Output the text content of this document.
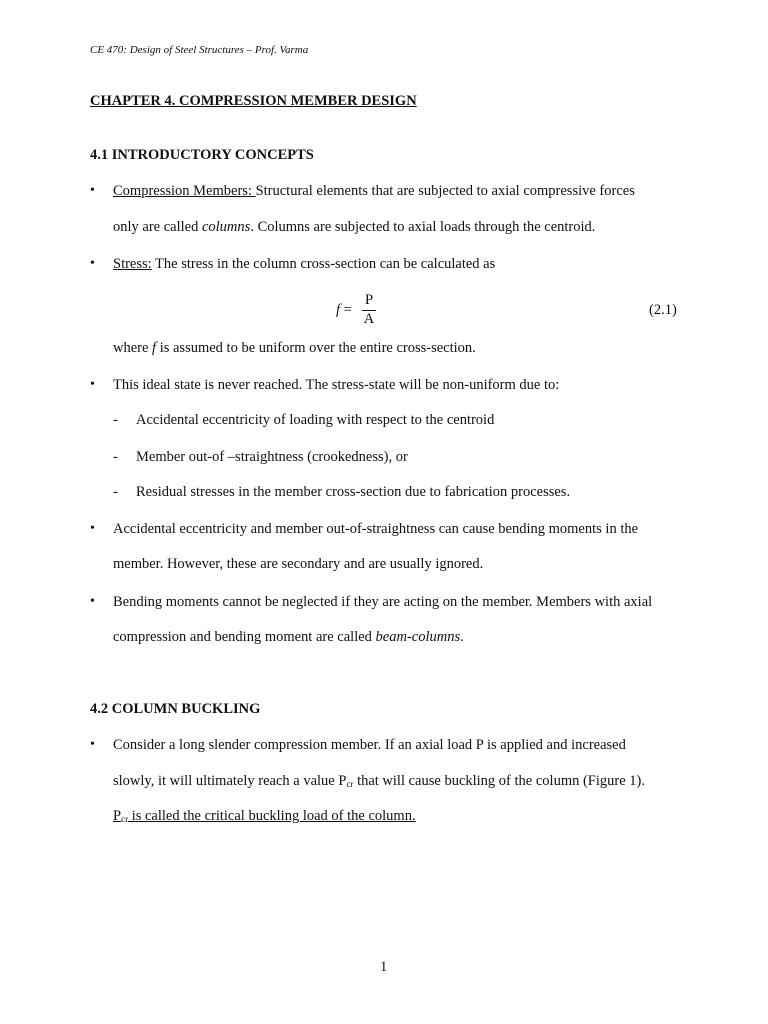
CE 470: Design of Steel Structures – Prof. Varma
CHAPTER 4. COMPRESSION MEMBER DESIGN
4.1 INTRODUCTORY CONCEPTS
• Compression Members: Structural elements that are subjected to axial compressive forces
only are called columns. Columns are subjected to axial loads through the centroid.
• Stress: The stress in the column cross-section can be calculated as
f =
P
A
(2.1)
where f is assumed to be uniform over the entire cross-section.
• This ideal state is never reached. The stress-state will be non-uniform due to:
- Accidental eccentricity of loading with respect to the centroid
- Member out-of –straightness (crookedness), or
- Residual stresses in the member cross-section due to fabrication processes.
• Accidental eccentricity and member out-of-straightness can cause bending moments in the
member. However, these are secondary and are usually ignored.
• Bending moments cannot be neglected if they are acting on the member. Members with axial
compression and bending moment are called beam-columns.
4.2 COLUMN BUCKLING
• Consider a long slender compression member. If an axial load P is applied and increased
slowly, it will ultimately reach a value $P_{cr}$ that will cause buckling of the column (Figure 1).
$P_{cr}$ is called the critical buckling load of the column.
1
